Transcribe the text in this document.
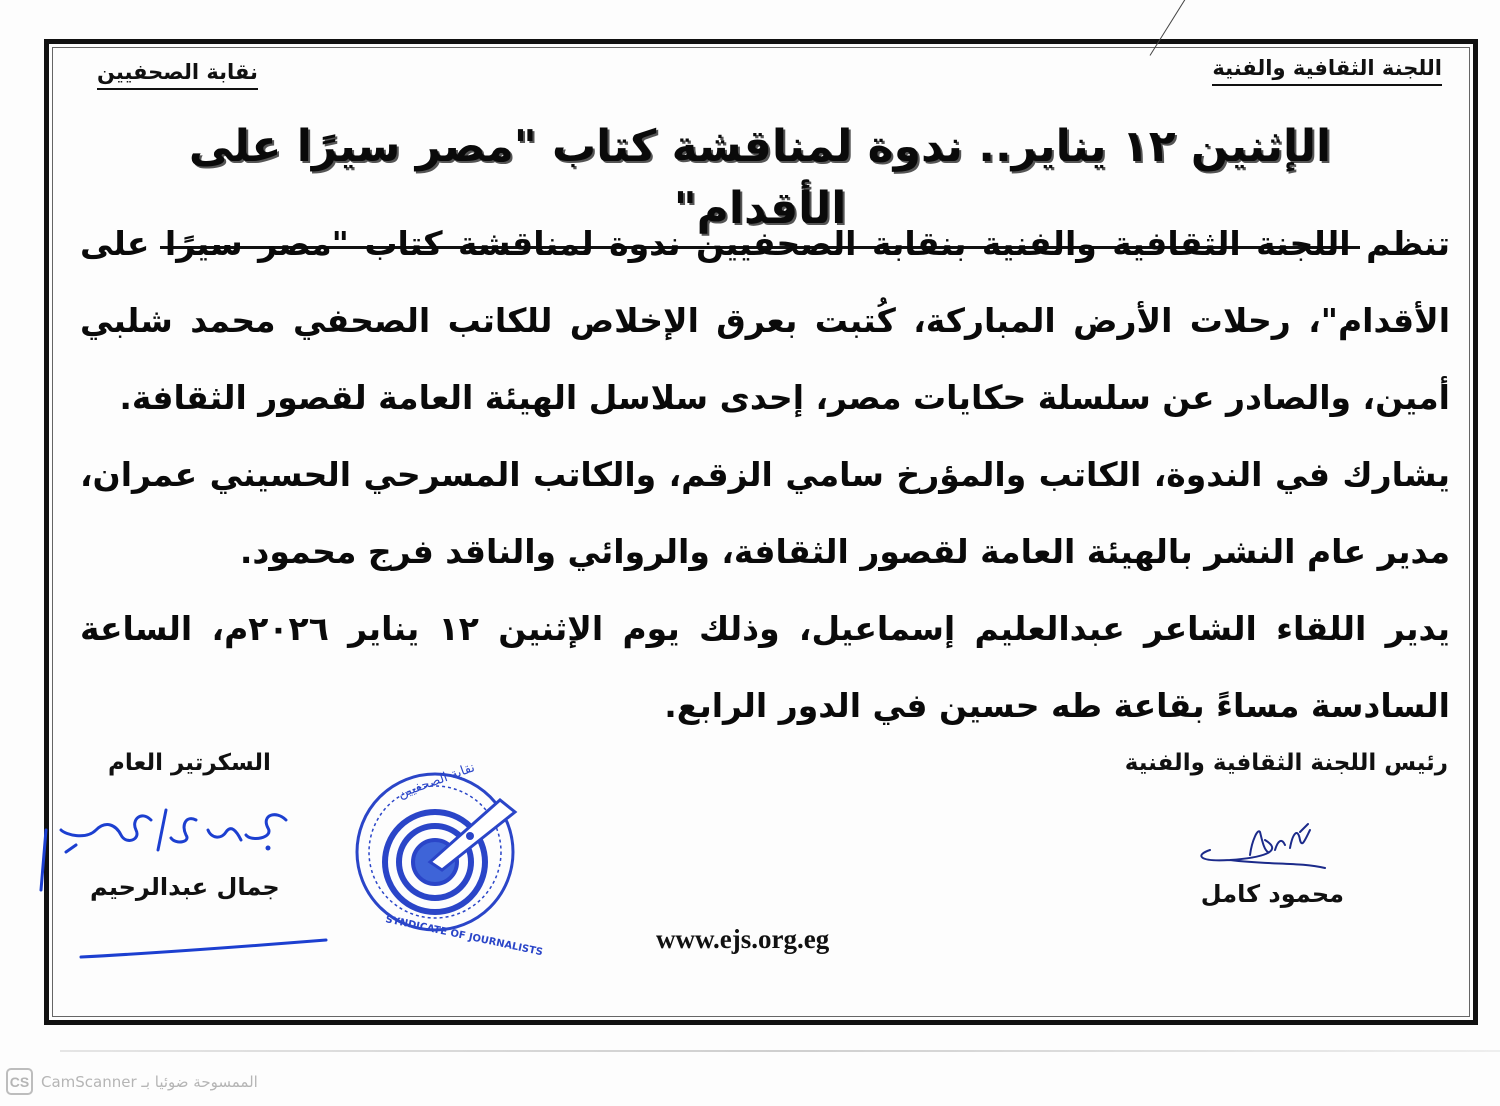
اللجنة الثقافية والفنية
نقابة الصحفيين
الإثنين ١٢ يناير.. ندوة لمناقشة كتاب "مصر سيرًا على الأقدام"

تنظم اللجنة الثقافية والفنية بنقابة الصحفيين ندوة لمناقشة كتاب "مصر سيرًا على الأقدام"، رحلات الأرض المباركة، كُتبت بعرق الإخلاص للكاتب الصحفي محمد شلبي أمين، والصادر عن سلسلة حكايات مصر، إحدى سلاسل الهيئة العامة لقصور الثقافة.

يشارك في الندوة، الكاتب والمؤرخ سامي الزقم، والكاتب المسرحي الحسيني عمران، مدير عام النشر بالهيئة العامة لقصور الثقافة، والروائي والناقد فرج محمود.

يدير اللقاء الشاعر عبدالعليم إسماعيل، وذلك يوم الإثنين ١٢ يناير ٢٠٢٦م، الساعة السادسة مساءً بقاعة طه حسين في الدور الرابع.

رئيس اللجنة الثقافية والفنية
محمود كامل
السكرتير العام
جمال عبدالرحيم
نقابة الصحفيين
SYNDICATE OF JOURNALISTS	www.ejs.org.eg
CS الممسوحة ضوئيا بـ CamScanner
